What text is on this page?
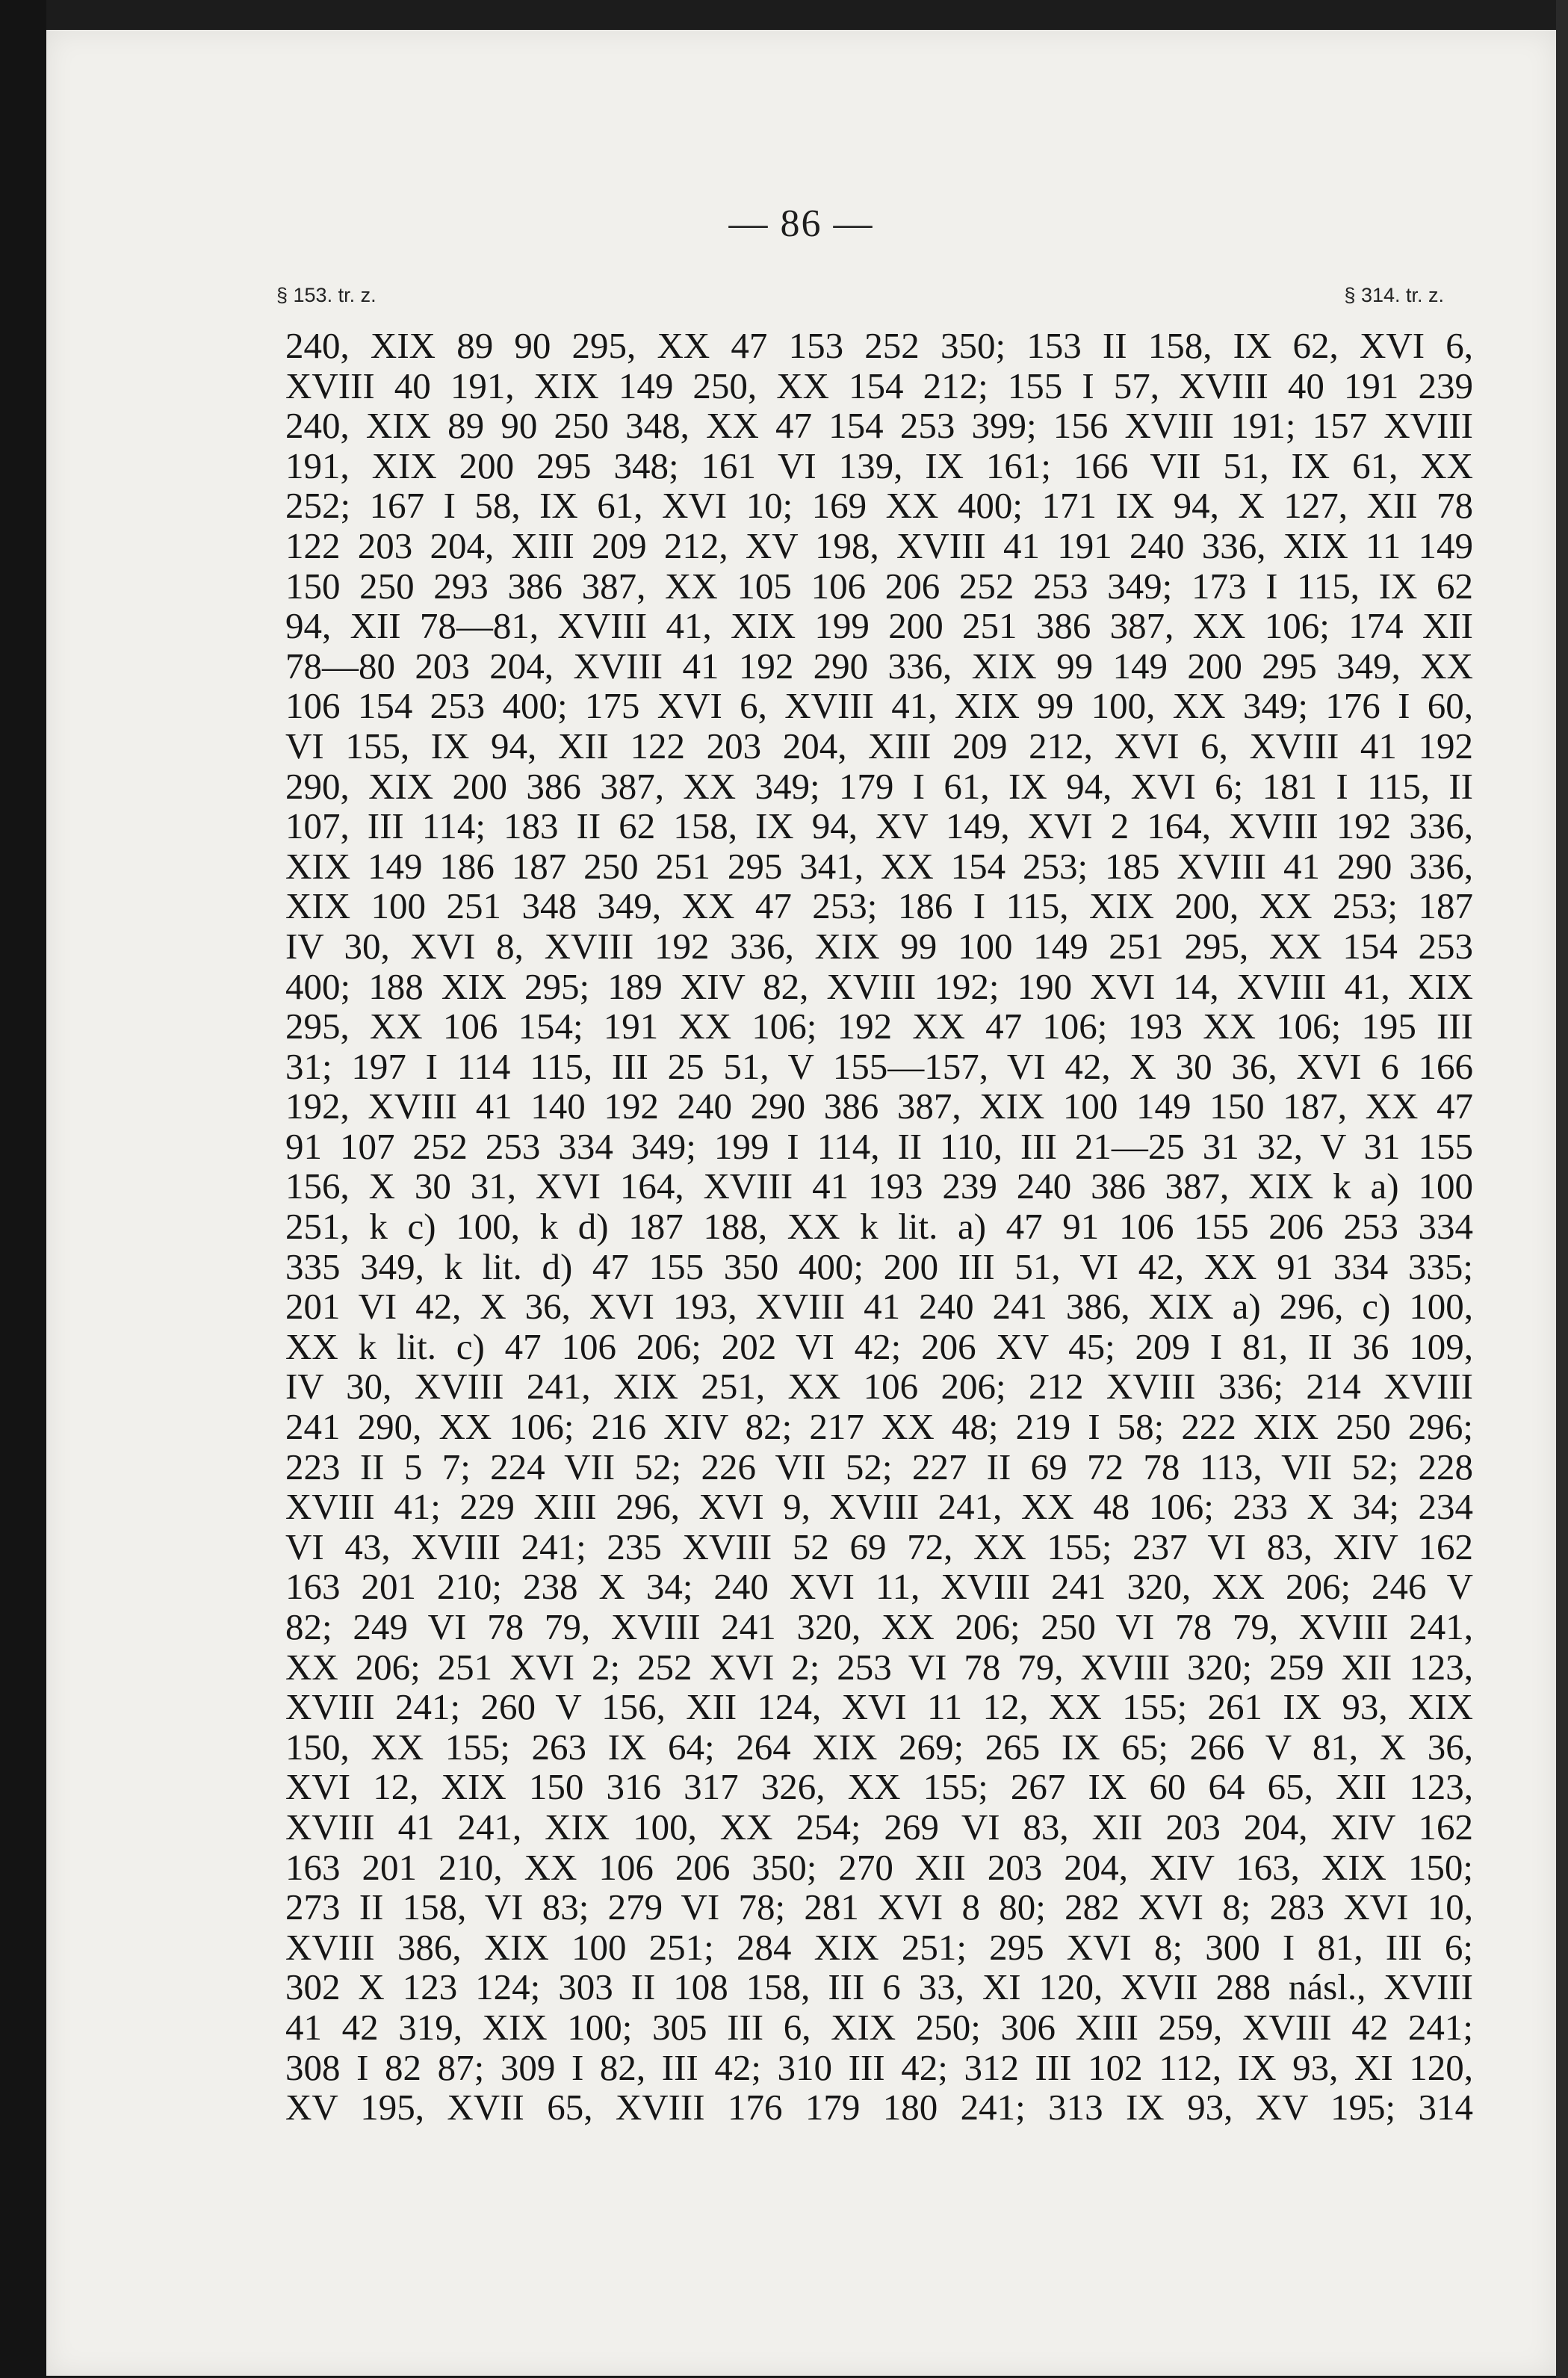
— 86 —
§ 153. tr. z.	§ 314. tr. z.
240, XIX 89 90 295, XX 47 153 252 350; 153 II 158, IX 62, XVI 6,
XVIII 40 191, XIX 149 250, XX 154 212; 155 I 57, XVIII 40 191 239
240, XIX 89 90 250 348, XX 47 154 253 399; 156 XVIII 191; 157 XVIII
191, XIX 200 295 348; 161 VI 139, IX 161; 166 VII 51, IX 61, XX
252; 167 I 58, IX 61, XVI 10; 169 XX 400; 171 IX 94, X 127, XII 78
122 203 204, XIII 209 212, XV 198, XVIII 41 191 240 336, XIX 11 149
150 250 293 386 387, XX 105 106 206 252 253 349; 173 I 115, IX 62
94, XII 78—81, XVIII 41, XIX 199 200 251 386 387, XX 106; 174 XII
78—80 203 204, XVIII 41 192 290 336, XIX 99 149 200 295 349, XX
106 154 253 400; 175 XVI 6, XVIII 41, XIX 99 100, XX 349; 176 I 60,
VI 155, IX 94, XII 122 203 204, XIII 209 212, XVI 6, XVIII 41 192
290, XIX 200 386 387, XX 349; 179 I 61, IX 94, XVI 6; 181 I 115, II
107, III 114; 183 II 62 158, IX 94, XV 149, XVI 2 164, XVIII 192 336,
XIX 149 186 187 250 251 295 341, XX 154 253; 185 XVIII 41 290 336,
XIX 100 251 348 349, XX 47 253; 186 I 115, XIX 200, XX 253; 187
IV 30, XVI 8, XVIII 192 336, XIX 99 100 149 251 295, XX 154 253
400; 188 XIX 295; 189 XIV 82, XVIII 192; 190 XVI 14, XVIII 41, XIX
295, XX 106 154; 191 XX 106; 192 XX 47 106; 193 XX 106; 195 III
31; 197 I 114 115, III 25 51, V 155—157, VI 42, X 30 36, XVI 6 166
192, XVIII 41 140 192 240 290 386 387, XIX 100 149 150 187, XX 47
91 107 252 253 334 349; 199 I 114, II 110, III 21—25 31 32, V 31 155
156, X 30 31, XVI 164, XVIII 41 193 239 240 386 387, XIX k a) 100
251, k c) 100, k d) 187 188, XX k lit. a) 47 91 106 155 206 253 334
335 349, k lit. d) 47 155 350 400; 200 III 51, VI 42, XX 91 334 335;
201 VI 42, X 36, XVI 193, XVIII 41 240 241 386, XIX a) 296, c) 100,
XX k lit. c) 47 106 206; 202 VI 42; 206 XV 45; 209 I 81, II 36 109,
IV 30, XVIII 241, XIX 251, XX 106 206; 212 XVIII 336; 214 XVIII
241 290, XX 106; 216 XIV 82; 217 XX 48; 219 I 58; 222 XIX 250 296;
223 II 5 7; 224 VII 52; 226 VII 52; 227 II 69 72 78 113, VII 52; 228
XVIII 41; 229 XIII 296, XVI 9, XVIII 241, XX 48 106; 233 X 34; 234
VI 43, XVIII 241; 235 XVIII 52 69 72, XX 155; 237 VI 83, XIV 162
163 201 210; 238 X 34; 240 XVI 11, XVIII 241 320, XX 206; 246 V
82; 249 VI 78 79, XVIII 241 320, XX 206; 250 VI 78 79, XVIII 241,
XX 206; 251 XVI 2; 252 XVI 2; 253 VI 78 79, XVIII 320; 259 XII 123,
XVIII 241; 260 V 156, XII 124, XVI 11 12, XX 155; 261 IX 93, XIX
150, XX 155; 263 IX 64; 264 XIX 269; 265 IX 65; 266 V 81, X 36,
XVI 12, XIX 150 316 317 326, XX 155; 267 IX 60 64 65, XII 123,
XVIII 41 241, XIX 100, XX 254; 269 VI 83, XII 203 204, XIV 162
163 201 210, XX 106 206 350; 270 XII 203 204, XIV 163, XIX 150;
273 II 158, VI 83; 279 VI 78; 281 XVI 8 80; 282 XVI 8; 283 XVI 10,
XVIII 386, XIX 100 251; 284 XIX 251; 295 XVI 8; 300 I 81, III 6;
302 X 123 124; 303 II 108 158, III 6 33, XI 120, XVII 288 násl., XVIII
41 42 319, XIX 100; 305 III 6, XIX 250; 306 XIII 259, XVIII 42 241;
308 I 82 87; 309 I 82, III 42; 310 III 42; 312 III 102 112, IX 93, XI 120,
XV 195, XVII 65, XVIII 176 179 180 241; 313 IX 93, XV 195; 314
